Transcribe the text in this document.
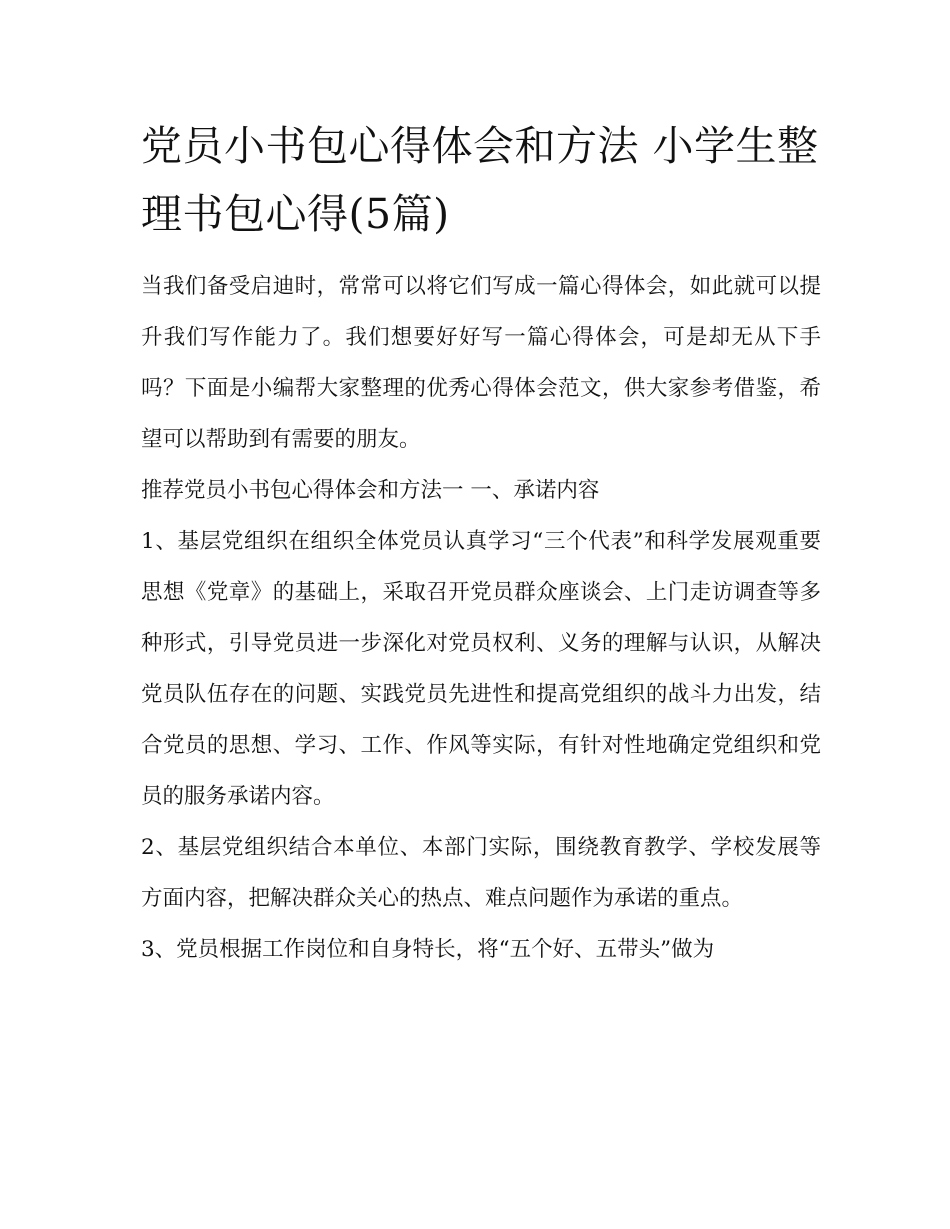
党员小书包心得体会和方法 小学生整理书包心得(5篇)

当我们备受启迪时，常常可以将它们写成一篇心得体会，如此就可以提升我们写作能力了。我们想要好好写一篇心得体会，可是却无从下手吗？下面是小编帮大家整理的优秀心得体会范文，供大家参考借鉴，希望可以帮助到有需要的朋友。

推荐党员小书包心得体会和方法一 一、承诺内容

1、基层党组织在组织全体党员认真学习“三个代表”和科学发展观重要思想《党章》的基础上，采取召开党员群众座谈会、上门走访调查等多种形式，引导党员进一步深化对党员权利、义务的理解与认识，从解决党员队伍存在的问题、实践党员先进性和提高党组织的战斗力出发，结合党员的思想、学习、工作、作风等实际，有针对性地确定党组织和党员的服务承诺内容。

2、基层党组织结合本单位、本部门实际，围绕教育教学、学校发展等方面内容，把解决群众关心的热点、难点问题作为承诺的重点。

3、党员根据工作岗位和自身特长，将“五个好、五带头”做为
